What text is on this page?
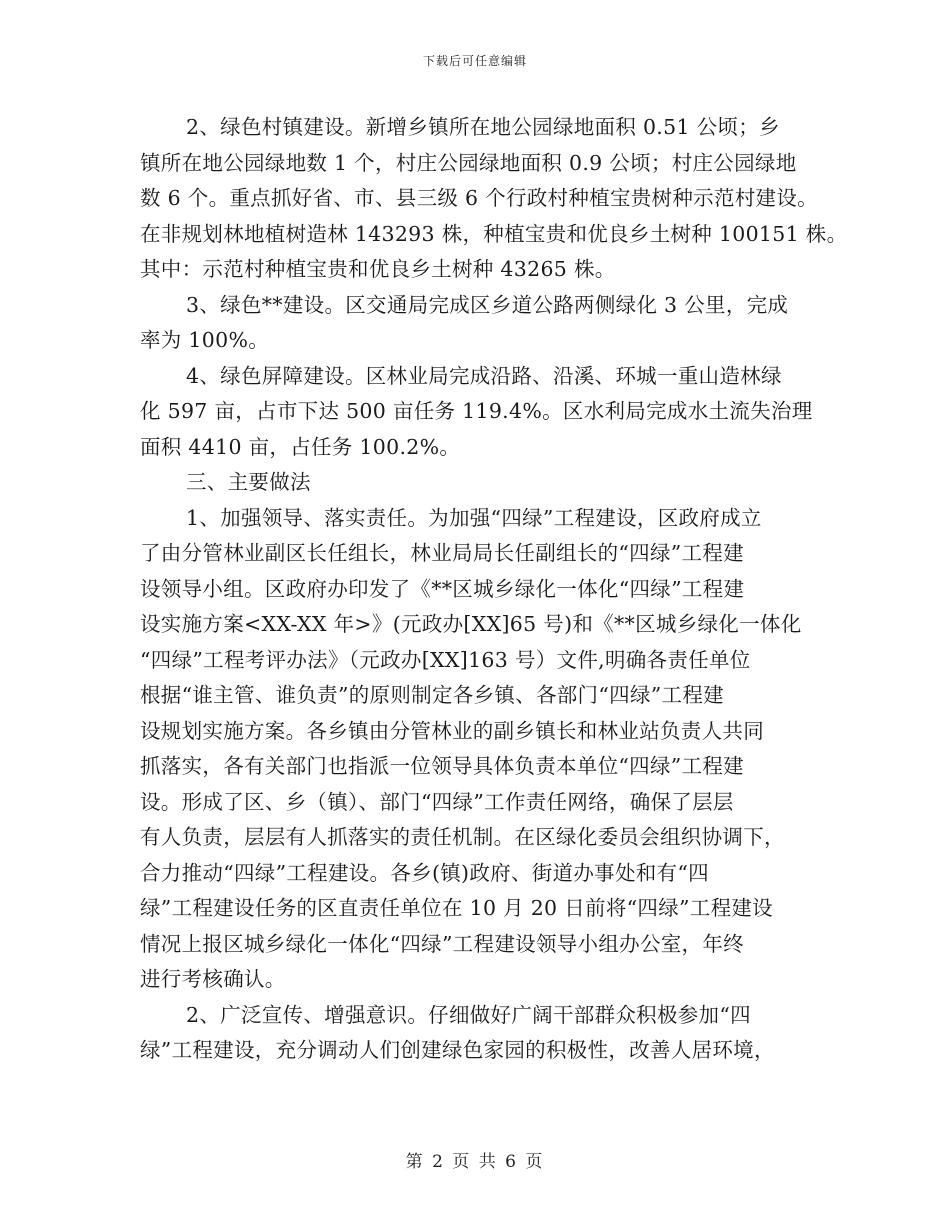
下载后可任意编辑
2、绿色村镇建设。新增乡镇所在地公园绿地面积 0.51 公顷；乡
镇所在地公园绿地数 1 个，村庄公园绿地面积 0.9 公顷；村庄公园绿地
数 6 个。重点抓好省、市、县三级 6 个行政村种植宝贵树种示范村建设。
在非规划林地植树造林 143293 株，种植宝贵和优良乡土树种 100151 株。
其中：示范村种植宝贵和优良乡土树种 43265 株。
3、绿色**建设。区交通局完成区乡道公路两侧绿化 3 公里，完成
率为 100%。
4、绿色屏障建设。区林业局完成沿路、沿溪、环城一重山造林绿
化 597 亩，占市下达 500 亩任务 119.4%。区水利局完成水土流失治理
面积 4410 亩，占任务 100.2%。
三、主要做法
1、加强领导、落实责任。为加强“四绿”工程建设，区政府成立
了由分管林业副区长任组长，林业局局长任副组长的“四绿”工程建
设领导小组。区政府办印发了《**区城乡绿化一体化“四绿”工程建
设实施方案<XX-XX 年>》(元政办[XX]65 号)和《**区城乡绿化一体化
“四绿”工程考评办法》（元政办[XX]163 号）文件,明确各责任单位
根据“谁主管、谁负责”的原则制定各乡镇、各部门“四绿”工程建
设规划实施方案。各乡镇由分管林业的副乡镇长和林业站负责人共同
抓落实，各有关部门也指派一位领导具体负责本单位“四绿”工程建
设。形成了区、乡（镇）、部门“四绿”工作责任网络，确保了层层
有人负责，层层有人抓落实的责任机制。在区绿化委员会组织协调下，
合力推动“四绿”工程建设。各乡(镇)政府、街道办事处和有“四
绿”工程建设任务的区直责任单位在 10 月 20 日前将“四绿”工程建设
情况上报区城乡绿化一体化“四绿”工程建设领导小组办公室，年终
进行考核确认。
2、广泛宣传、增强意识。仔细做好广阔干部群众积极参加“四
绿”工程建设，充分调动人们创建绿色家园的积极性，改善人居环境，
第 2 页 共 6 页
